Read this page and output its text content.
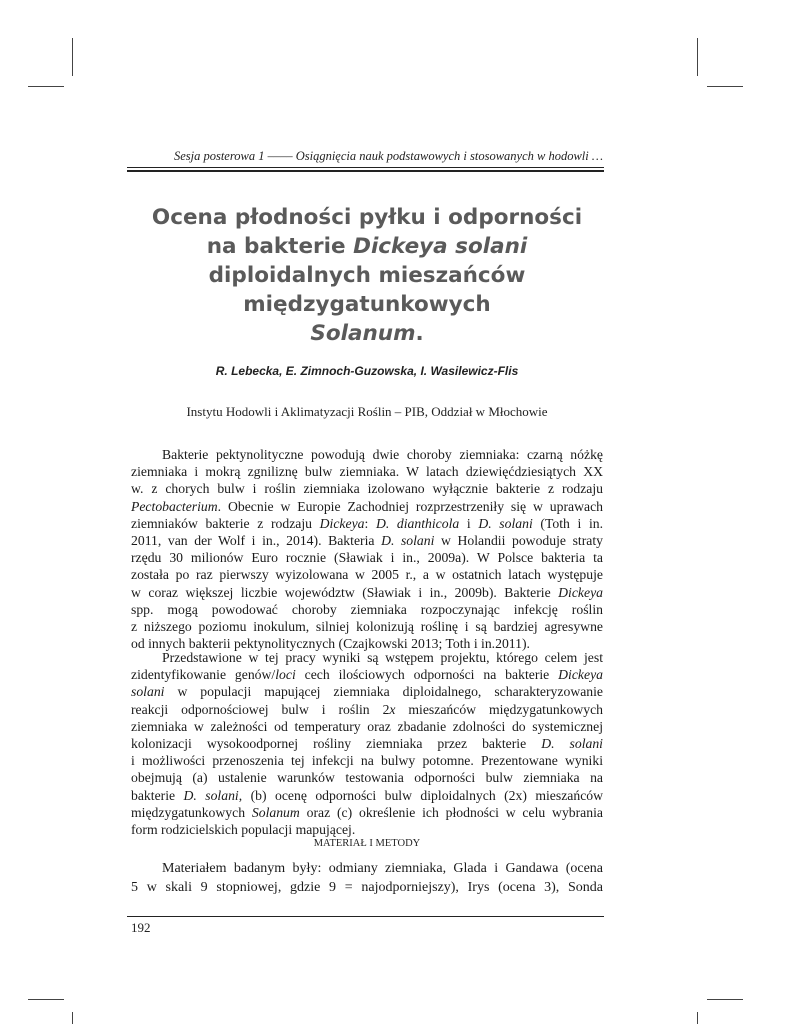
Sesja posterowa 1 –––– Osiągnięcia nauk podstawowych i stosowanych w hodowli …
Ocena płodności pyłku i odporności
na bakterie Dickeya solani
diploidalnych mieszańców
międzygatunkowych
Solanum.
R. Lebecka, E. Zimnoch-Guzowska, I. Wasilewicz-Flis
Instytu Hodowli i Aklimatyzacji Roślin – PIB, Oddział w Młochowie
Bakterie pektynolityczne powodują dwie choroby ziemniaka: czarną nóżkę
ziemniaka i mokrą zgniliznę bulw ziemniaka. W latach dziewięćdziesiątych XX
w. z chorych bulw i roślin ziemniaka izolowano wyłącznie bakterie z rodzaju
Pectobacterium. Obecnie w Europie Zachodniej rozprzestrzeniły się w uprawach
ziemniaków bakterie z rodzaju Dickeya: D. dianthicola i D. solani (Toth i in.
2011, van der Wolf i in., 2014). Bakteria D. solani w Holandii powoduje straty
rzędu 30 milionów Euro rocznie (Sławiak i in., 2009a). W Polsce bakteria ta
została po raz pierwszy wyizolowana w 2005 r., a w ostatnich latach występuje
w coraz większej liczbie województw (Sławiak i in., 2009b). Bakterie Dickeya
spp. mogą powodować choroby ziemniaka rozpoczynając infekcję roślin
z niższego poziomu inokulum, silniej kolonizują roślinę i są bardziej agresywne
od innych bakterii pektynolitycznych (Czajkowski 2013; Toth i in.2011).
Przedstawione w tej pracy wyniki są wstępem projektu, którego celem jest
zidentyfikowanie genów/loci cech ilościowych odporności na bakterie Dickeya
solani w populacji mapującej ziemniaka diploidalnego, scharakteryzowanie
reakcji odpornościowej bulw i roślin 2x mieszańców międzygatunkowych
ziemniaka w zależności od temperatury oraz zbadanie zdolności do systemicznej
kolonizacji wysokoodpornej rośliny ziemniaka przez bakterie D. solani
i możliwości przenoszenia tej infekcji na bulwy potomne. Prezentowane wyniki
obejmują (a) ustalenie warunków testowania odporności bulw ziemniaka na
bakterie D. solani, (b) ocenę odporności bulw diploidalnych (2x) mieszańców
międzygatunkowych Solanum oraz (c) określenie ich płodności w celu wybrania
form rodzicielskich populacji mapującej.
MATERIAŁ I METODY
Materiałem badanym były: odmiany ziemniaka, Glada i Gandawa (ocena
5 w skali 9 stopniowej, gdzie 9 = najodporniejszy), Irys (ocena 3), Sonda
192
